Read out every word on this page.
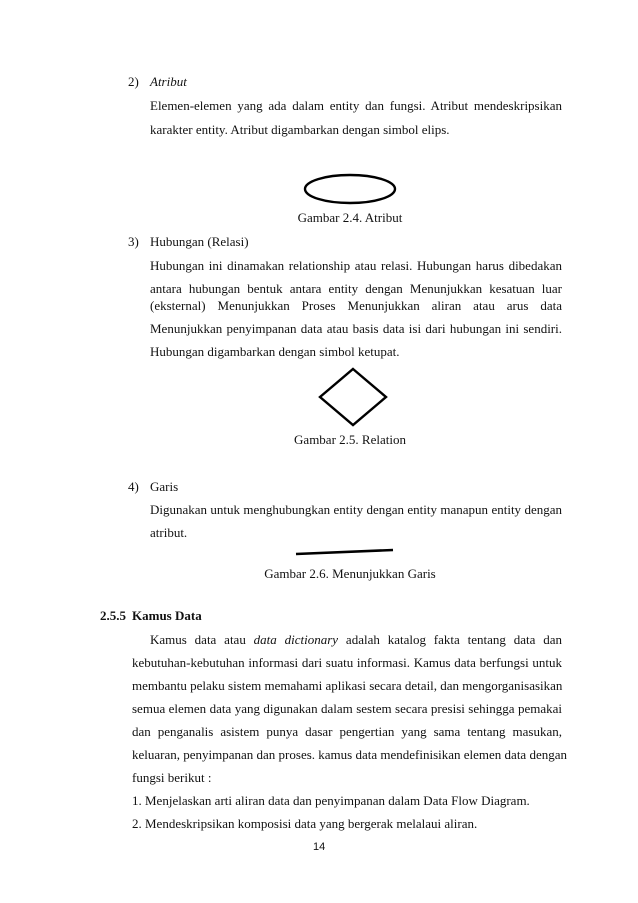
2) Atribut
Elemen-elemen yang ada dalam entity dan fungsi. Atribut mendeskripsikan
karakter entity. Atribut digambarkan dengan simbol elips.
Gambar 2.4. Atribut
3) Hubungan (Relasi)
Hubungan ini dinamakan relationship atau relasi. Hubungan harus dibedakan
antara hubungan bentuk antara entity dengan Menunjukkan kesatuan luar
(eksternal) Menunjukkan Proses Menunjukkan aliran atau arus data
Menunjukkan penyimpanan data atau basis data isi dari hubungan ini sendiri.
Hubungan digambarkan dengan simbol ketupat.
Gambar 2.5. Relation
4) Garis
Digunakan untuk menghubungkan entity dengan entity manapun entity dengan
atribut.
Gambar 2.6. Menunjukkan Garis
2.5.5 Kamus Data
Kamus data atau data dictionary adalah katalog fakta tentang data dan
kebutuhan-kebutuhan informasi dari suatu informasi. Kamus data berfungsi untuk
membantu pelaku sistem memahami aplikasi secara detail, dan mengorganisasikan
semua elemen data yang digunakan dalam sestem secara presisi sehingga pemakai
dan penganalis asistem punya dasar pengertian yang sama tentang masukan,
keluaran, penyimpanan dan proses. kamus data mendefinisikan elemen data dengan
fungsi berikut :
1. Menjelaskan arti aliran data dan penyimpanan dalam Data Flow Diagram.
2. Mendeskripsikan komposisi data yang bergerak melalaui aliran.
14
